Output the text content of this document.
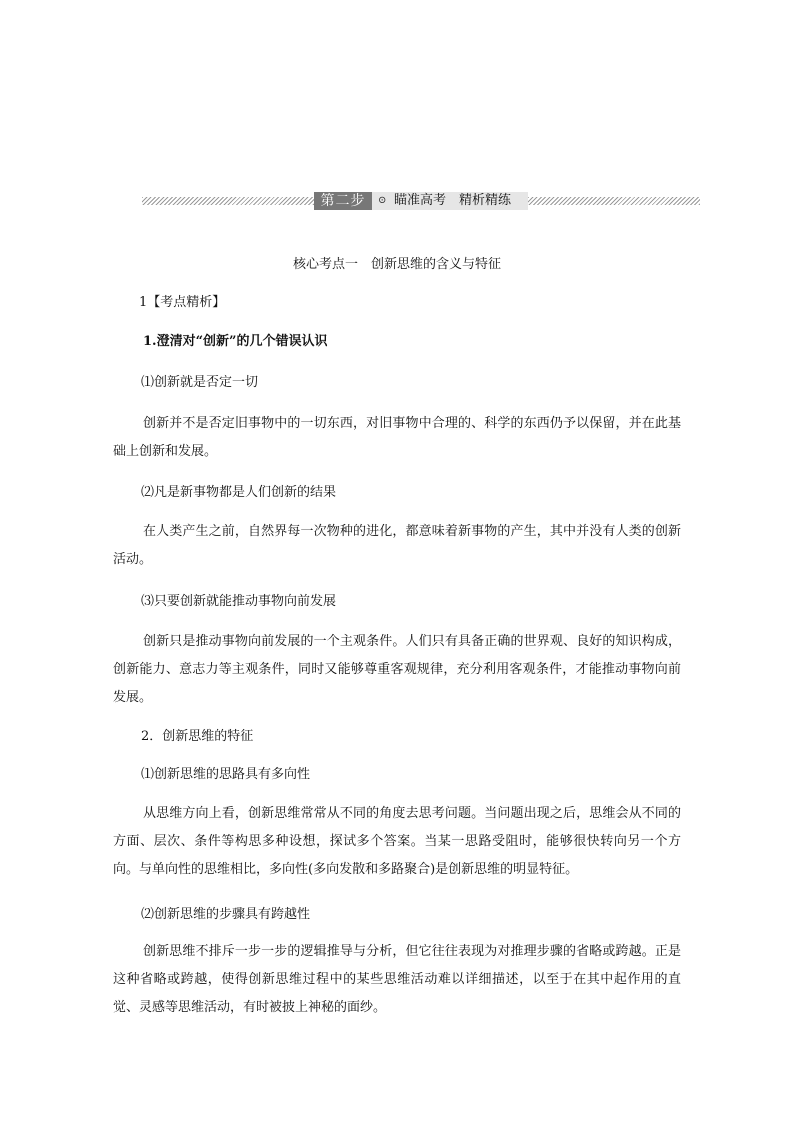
第二步	⊙ 瞄准高考　精析精练
核心考点一　创新思维的含义与特征
1【考点精析】
1.澄清对“创新”的几个错误认识
⑴创新就是否定一切

创新并不是否定旧事物中的一切东西，对旧事物中合理的、科学的东西仍予以保留，并在此基础上创新和发展。

⑵凡是新事物都是人们创新的结果

在人类产生之前，自然界每一次物种的进化，都意味着新事物的产生，其中并没有人类的创新活动。

⑶只要创新就能推动事物向前发展

创新只是推动事物向前发展的一个主观条件。人们只有具备正确的世界观、良好的知识构成，创新能力、意志力等主观条件，同时又能够尊重客观规律，充分利用客观条件，才能推动事物向前发展。

2．创新思维的特征
⑴创新思维的思路具有多向性

从思维方向上看，创新思维常常从不同的角度去思考问题。当问题出现之后，思维会从不同的方面、层次、条件等构思多种设想，探试多个答案。当某一思路受阻时，能够很快转向另一个方向。与单向性的思维相比，多向性(多向发散和多路聚合)是创新思维的明显特征。

⑵创新思维的步骤具有跨越性

创新思维不排斥一步一步的逻辑推导与分析，但它往往表现为对推理步骤的省略或跨越。正是这种省略或跨越，使得创新思维过程中的某些思维活动难以详细描述，以至于在其中起作用的直觉、灵感等思维活动，有时被披上神秘的面纱。
